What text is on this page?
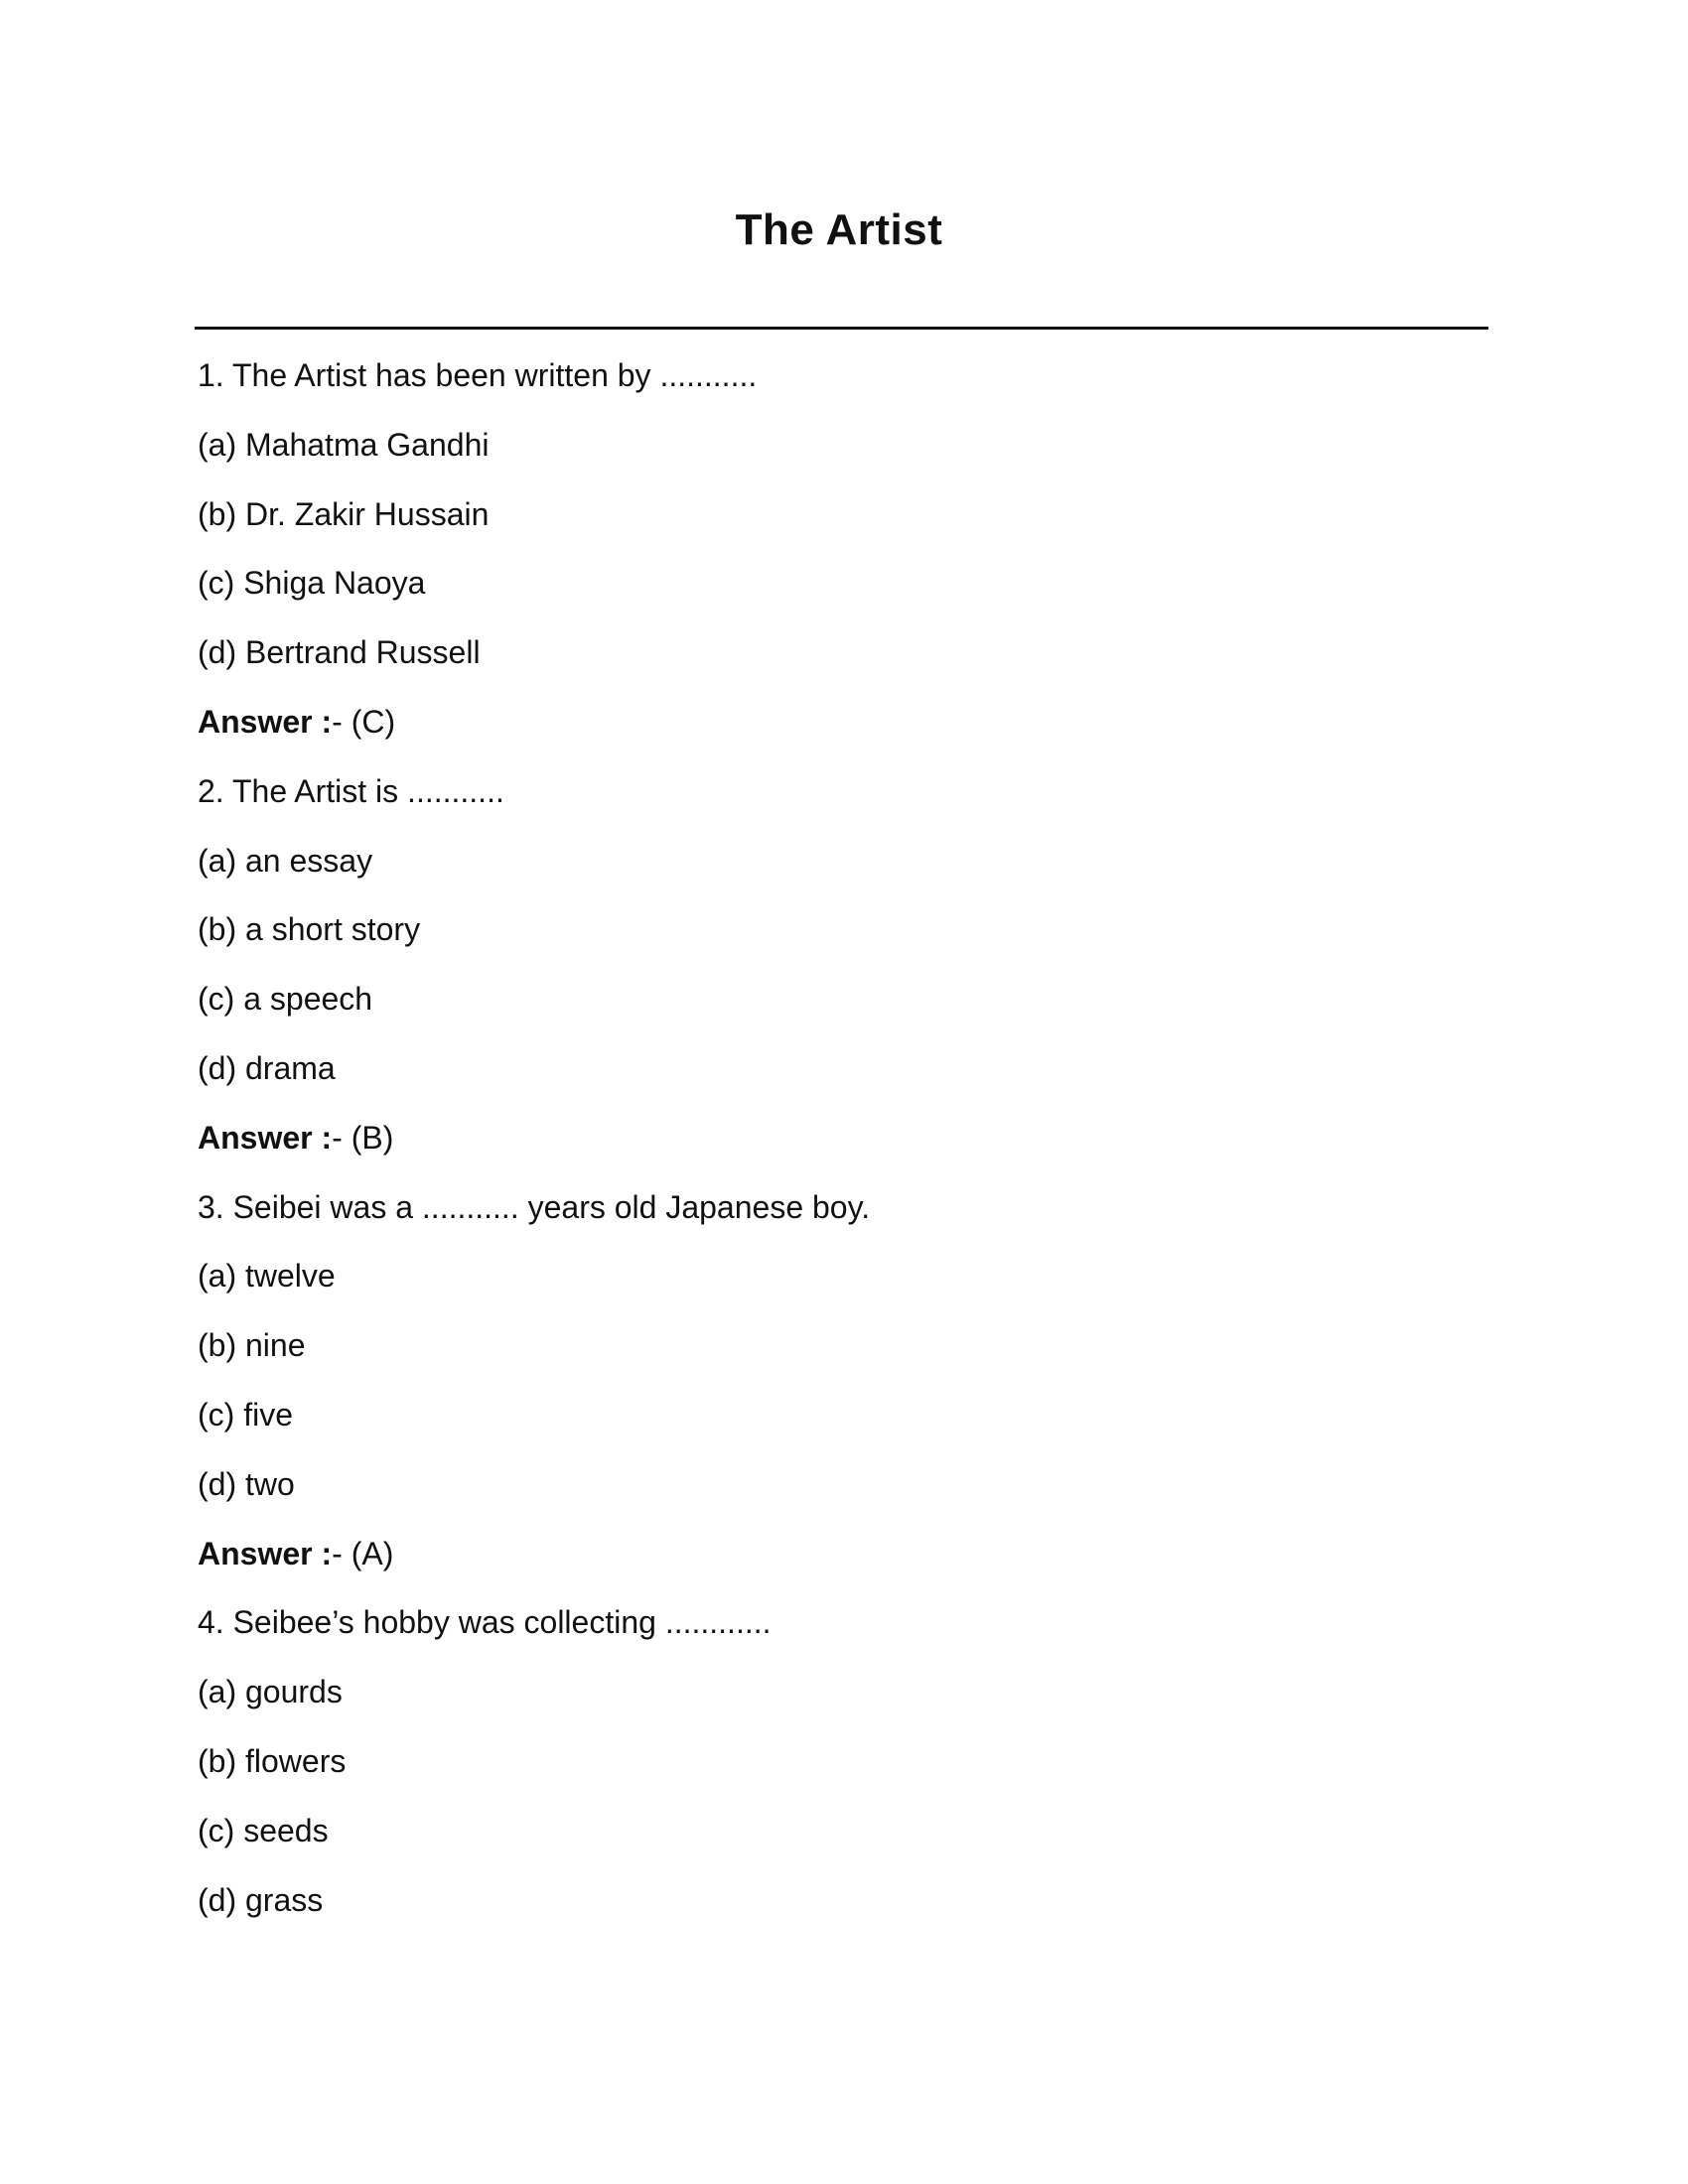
The Artist
1. The Artist has been written by ...........
(a) Mahatma Gandhi
(b) Dr. Zakir Hussain
(c) Shiga Naoya
(d) Bertrand Russell
Answer :- (C)
2. The Artist is ...........
(a) an essay
(b) a short story
(c) a speech
(d) drama
Answer :- (B)
3. Seibei was a ........... years old Japanese boy.
(a) twelve
(b) nine
(c) five
(d) two
Answer :- (A)
4. Seibee’s hobby was collecting ............
(a) gourds
(b) flowers
(c) seeds
(d) grass
